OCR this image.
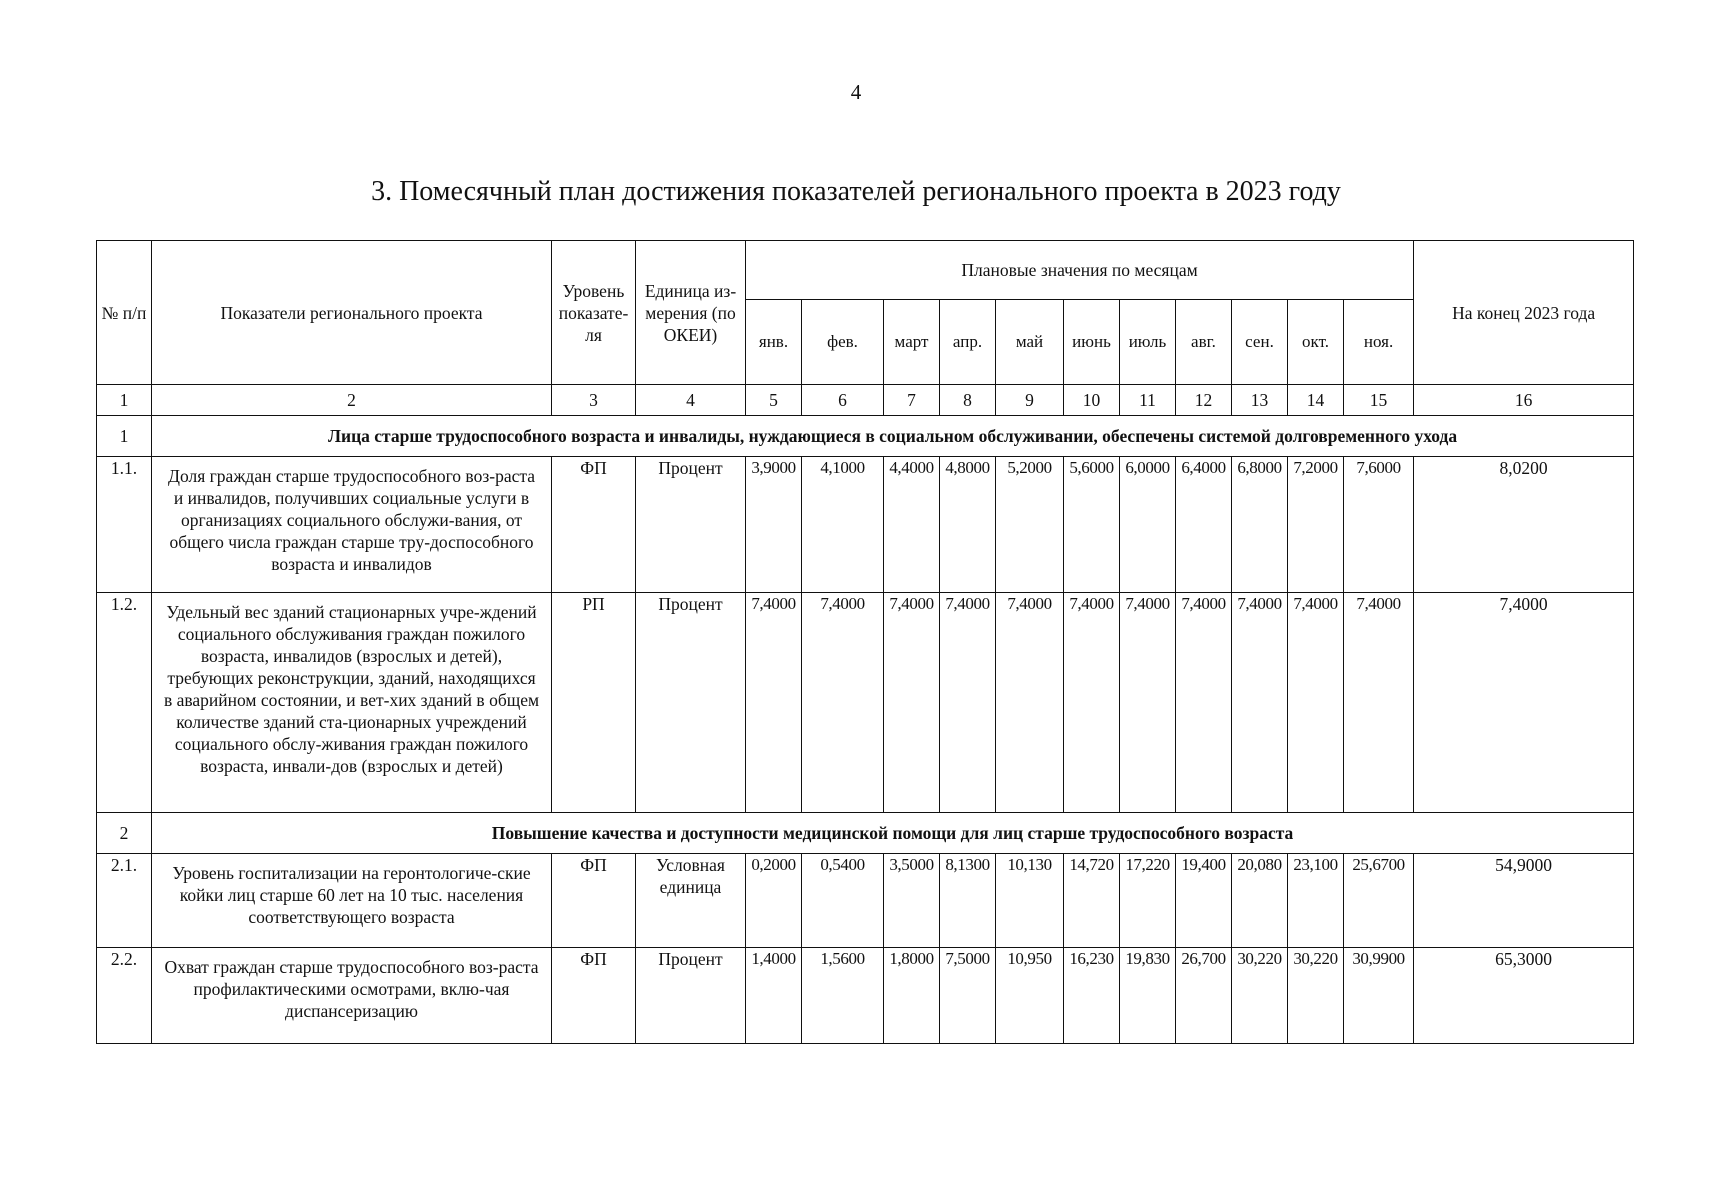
4
3. Помесячный план достижения показателей регионального проекта в 2023 году
№ п/п	Показатели регионального проекта	Уровень показате-ля	Единица из-мерения (по ОКЕИ)	Плановые значения по месяцам											На конец 2023 года
				янв.	фев.	март	апр.	май	июнь	июль	авг.	сен.	окт.	ноя.	
1	2	3	4	5	6	7	8	9	10	11	12	13	14	15	16
1	Лица старше трудоспособного возраста и инвалиды, нуждающиеся в социальном обслуживании, обеспечены системой долговременного ухода														
1.1.	Доля граждан старше трудоспособного воз-раста и инвалидов, получивших социальные услуги в организациях социального обслужи-вания, от общего числа граждан старше тру-доспособного возраста и инвалидов	ФП	Процент	3,9000	4,1000	4,4000	4,8000	5,2000	5,6000	6,0000	6,4000	6,8000	7,2000	7,6000	8,0200
1.2.	Удельный вес зданий стационарных учре-ждений социального обслуживания граждан пожилого возраста, инвалидов (взрослых и детей), требующих реконструкции, зданий, находящихся в аварийном состоянии, и вет-хих зданий в общем количестве зданий ста-ционарных учреждений социального обслу-живания граждан пожилого возраста, инвали-дов (взрослых и детей)	РП	Процент	7,4000	7,4000	7,4000	7,4000	7,4000	7,4000	7,4000	7,4000	7,4000	7,4000	7,4000	7,4000
2	Повышение качества и доступности медицинской помощи для лиц старше трудоспособного возраста														
2.1.	Уровень госпитализации на геронтологиче-ские койки лиц старше 60 лет на 10 тыс. населения соответствующего возраста	ФП	Условная единица	0,2000	0,5400	3,5000	8,1300	10,130	14,720	17,220	19,400	20,080	23,100	25,6700	54,9000
2.2.	Охват граждан старше трудоспособного воз-раста профилактическими осмотрами, вклю-чая диспансеризацию	ФП	Процент	1,4000	1,5600	1,8000	7,5000	10,950	16,230	19,830	26,700	30,220	30,220	30,9900	65,3000
